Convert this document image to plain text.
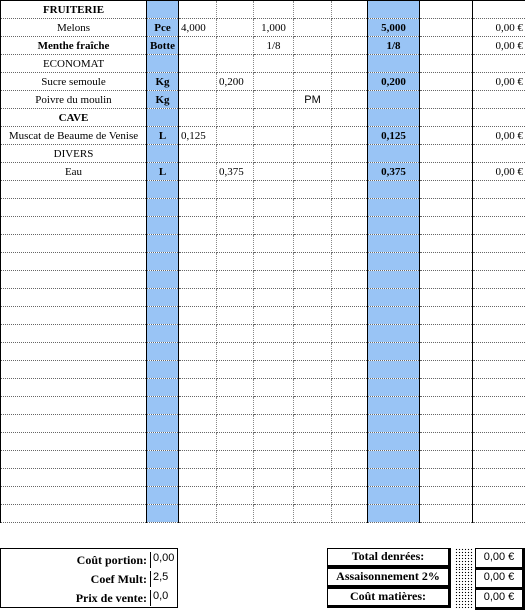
FRUITERIE									
Melons	Pce	4,000		1,000			5,000		0,00 €
Menthe fraîche	Botte			1/8			1/8		0,00 €
ECONOMAT									
Sucre semoule	Kg		0,200				0,200		0,00 €
Poivre du moulin	Kg				PM				
CAVE									
Muscat de Beaume de Venise	L	0,125					0,125		0,00 €
DIVERS									
Eau	L		0,375				0,375		0,00 €

Coût portion: 0,00
Coef Mult: 2,5
Prix de vente: 0,0
Total denrées:	0,00 €
Assaisonnement 2%	0,00 €
Coût matières:	0,00 €
